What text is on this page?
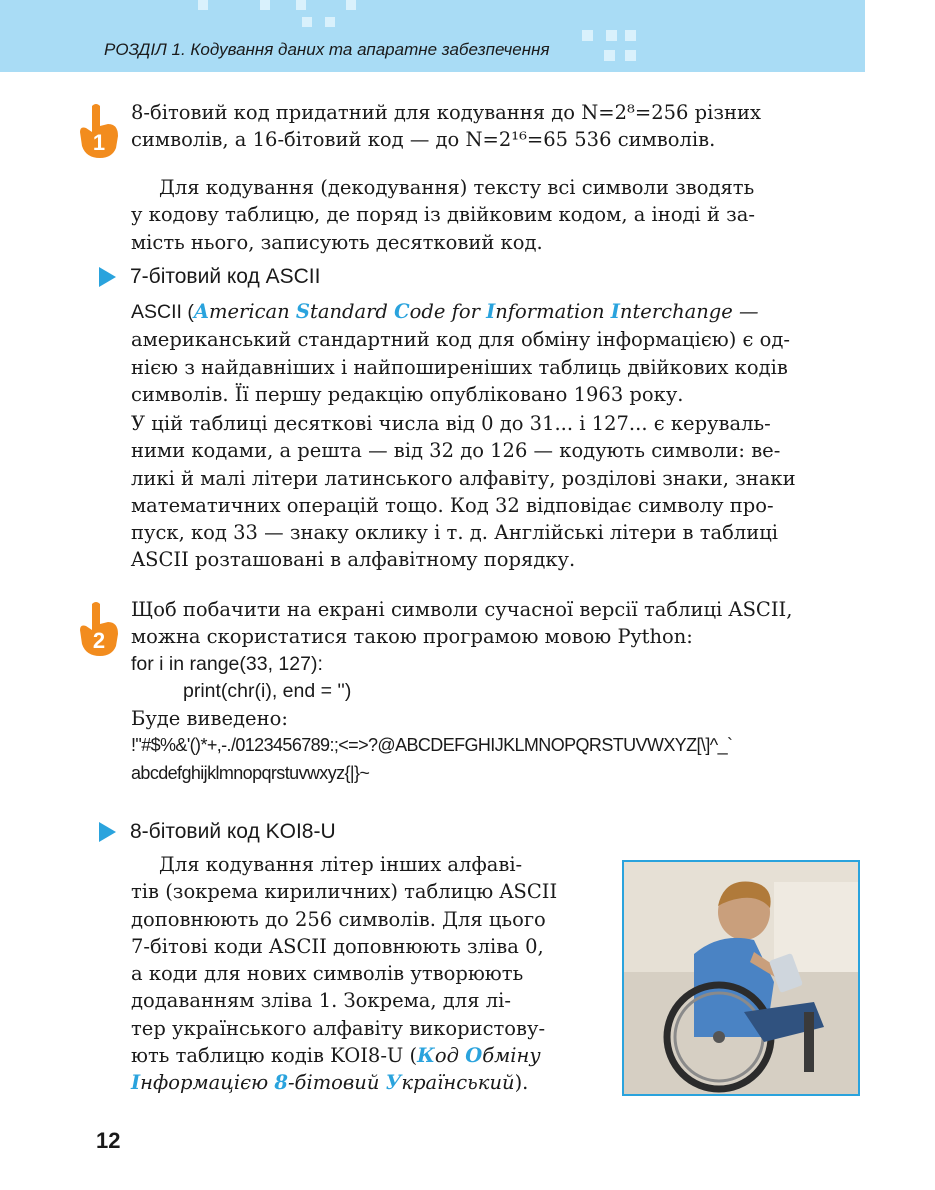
РОЗДІЛ 1. Кодування даних та апаратне забезпечення
1
8-бітовий код придатний для кодування до N=2⁸=256 різних
символів, а 16-бітовий код — до N=2¹⁶=65 536 символів.
Для кодування (декодування) тексту всі символи зводять
у кодову таблицю, де поряд із двійковим кодом, а іноді й за-
мість нього, записують десятковий код.
7-бітовий код ASCII
ASCII (American Standard Code for Information Interchange —
американський стандартний код для обміну інформацією) є од-
нією з найдавніших і найпоширеніших таблиць двійкових кодів
символів. Її першу редакцію опубліковано 1963 року.
У цій таблиці десяткові числа від 0 до 31... і 127... є керуваль-
ними кодами, а решта — від 32 до 126 — кодують символи: ве-
ликі й малі літери латинського алфавіту, розділові знаки, знаки
математичних операцій тощо. Код 32 відповідає символу про-
пуск, код 33 — знаку оклику і т. д. Англійські літери в таблиці
ASCII розташовані в алфавітному порядку.
2
Щоб побачити на екрані символи сучасної версії таблиці ASCII,
можна скористатися такою програмою мовою Python:
for i in range(33, 127):
print(chr(i), end = '')
Буде виведено:
!"#$%&'()*+,-./0123456789:;<=>?@ABCDEFGHIJKLMNOPQRSTUVWXYZ[\]^_`
abcdefghijklmnopqrstuvwxyz{|}~
8-бітовий код KOI8-U
Для кодування літер інших алфаві-
тів (зокрема кириличних) таблицю ASCII
доповнюють до 256 символів. Для цього
7-бітові коди ASCII доповнюють зліва 0,
а коди для нових символів утворюють
додаванням зліва 1. Зокрема, для лі-
тер українського алфавіту використову-
ють таблицю кодів KOI8-U (Код Обміну
Інформацією 8-бітовий Український).
12
